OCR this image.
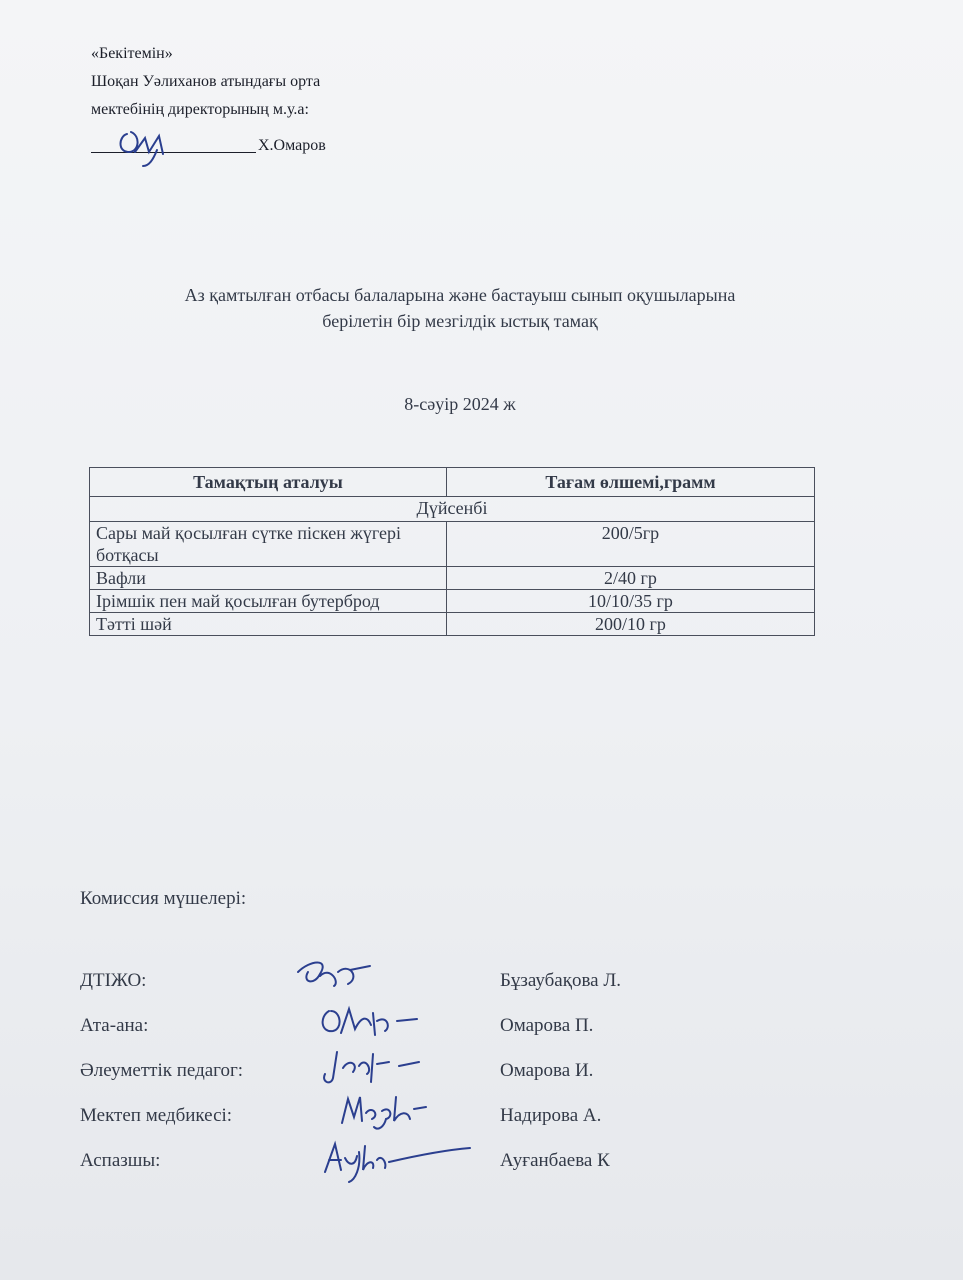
«Бекітемін»
Шоқан Уәлиханов атындағы орта
мектебінің директорының м.у.а:
Х.Омаров
Аз қамтылған отбасы балаларына және бастауыш сынып оқушыларына
берілетін бір мезгілдік ыстық тамақ
8-сәуір 2024 ж
Тамақтың аталуы	Тағам өлшемі,грамм
Дүйсенбі	
Сары май қосылған сүтке піскен жүгері ботқасы	200/5гр
Вафли	2/40 гр
Ірімшік пен май қосылған бутерброд	10/10/35 гр
Тәтті шәй	200/10 гр
Комиссия мүшелері:
ДТІЖО:	Бұзаубақова Л.
Ата-ана:	Омарова П.
Әлеуметтік педагог:	Омарова И.
Мектеп медбикесі:	Надирова А.
Аспазшы:	Ауғанбаева К
